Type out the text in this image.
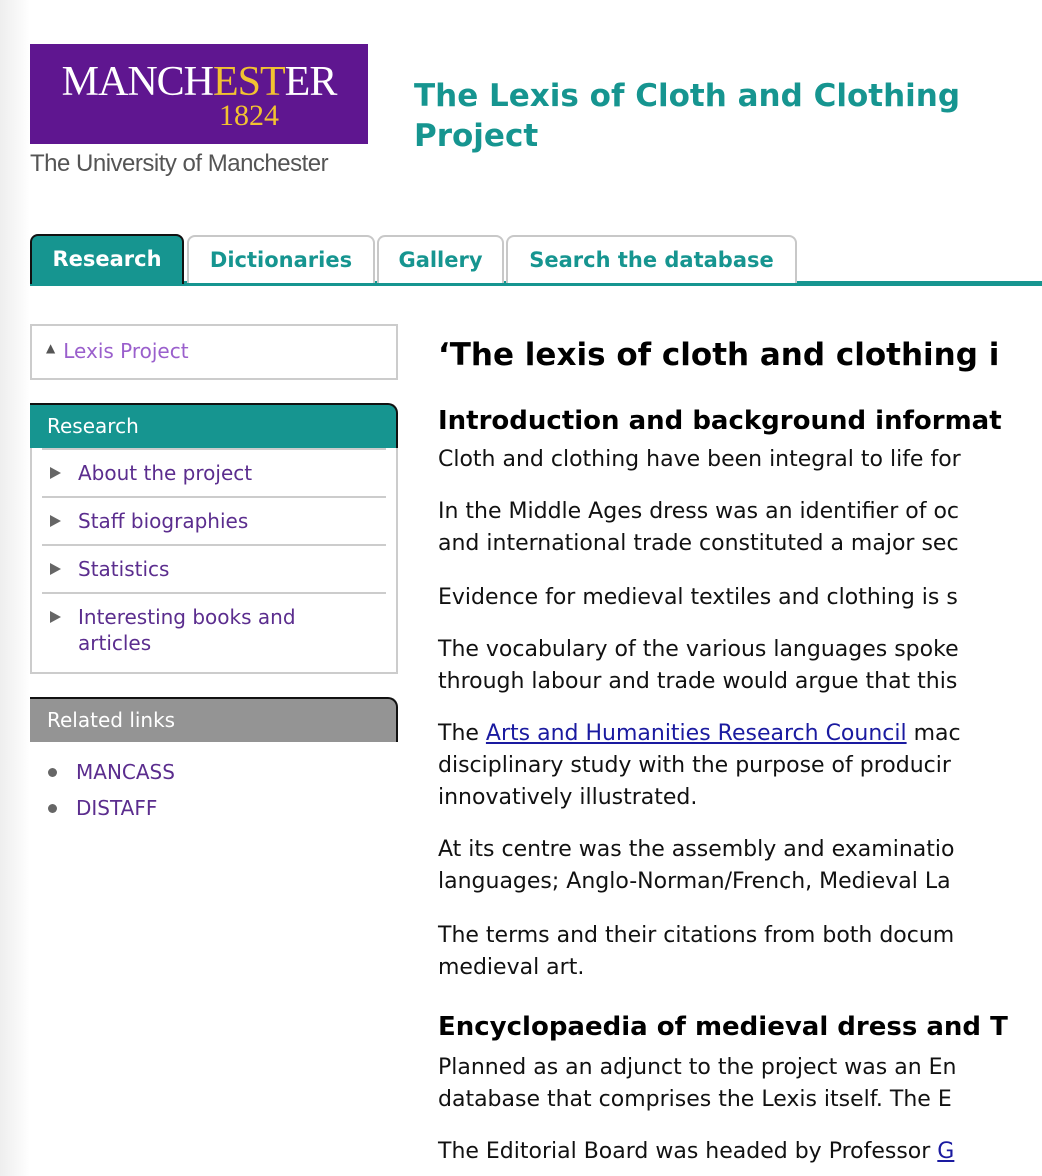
MANCHESTER
1824
The University of Manchester
The Lexis of Cloth and Clothing Project
Research	Dictionaries	Gallery	Search the database
▲ Lexis Project
Research
About the project
Staff biographies
Statistics
Interesting books and articles
Related links
MANCASS
DISTAFF
‘The lexis of cloth and clothing i
Introduction and background informat
Cloth and clothing have been integral to life for
In the Middle Ages dress was an identifier of oc
and international trade constituted a major sec
Evidence for medieval textiles and clothing is s
The vocabulary of the various languages spoke
through labour and trade would argue that this
The Arts and Humanities Research Council mac
disciplinary study with the purpose of producir
innovatively illustrated.
At its centre was the assembly and examinatio
languages; Anglo-Norman/French, Medieval La
The terms and their citations from both docum
medieval art.
Encyclopaedia of medieval dress and T
Planned as an adjunct to the project was an En
database that comprises the Lexis itself. The E
The Editorial Board was headed by Professor G
